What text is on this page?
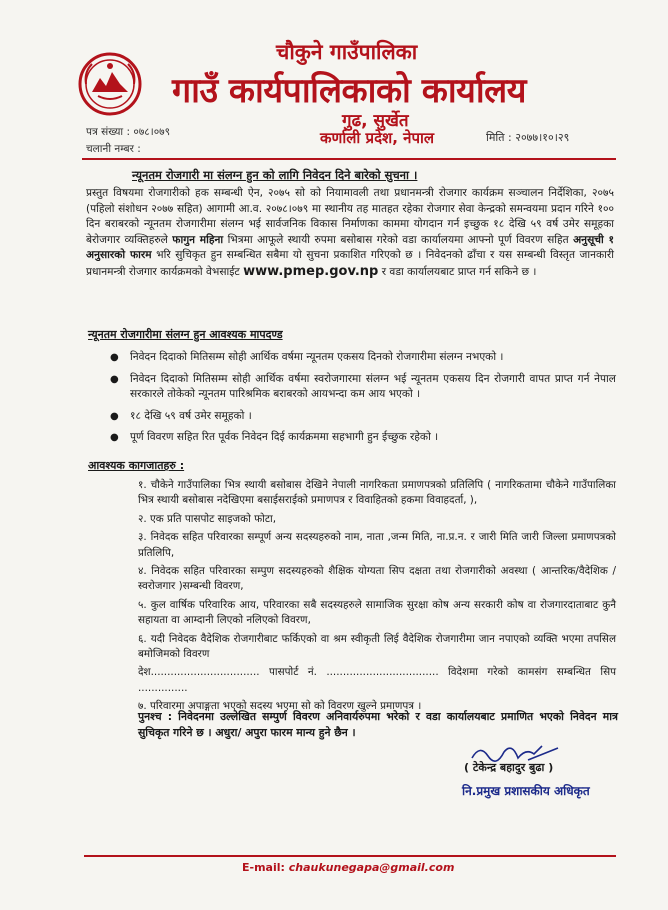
चौकुने गाउँपालिका
गाउँ कार्यपालिकाको कार्यालय
गुढ, सुर्खेत
कर्णाली प्रदेश, नेपाल
पत्र संख्या : ०७८।०७९
चलानी नम्बर :
मिति : २०७७।१०।२९
न्यूनतम रोजगारी मा संलग्न हुन को लागि निवेदन दिने बारेको सुचना ।
प्रस्तुत विषयमा रोजगारीको हक सम्बन्धी ऐन, २०७५ सो को नियामावली तथा प्रधानमन्त्री रोजगार कार्यक्रम सञ्चालन निर्देशिका, २०७५ (पहिलो संशोधन २०७७ सहित) आगामी आ.व. २०७८।०७९ मा स्थानीय तह मातहत रहेका रोजगार सेवा केन्द्रको समन्वयमा प्रदान गरिने १०० दिन बराबरको न्यूनतम रोजगारीमा संलग्न भई सार्वजनिक विकास निर्माणका काममा योगदान गर्न इच्छुक १८ देखि ५९ वर्ष उमेर समूहका बेरोजगार व्यक्तिहरुले फागुन महिना भित्रमा आफूले स्थायी रुपमा बसोबास गरेको वडा कार्यालयमा आफ्नो पूर्ण विवरण सहित अनुसूची १ अनुसारको फारम भरि सुचिकृत हुन सम्बन्धित सबैमा यो सुचना प्रकाशित गरिएको छ । निवेदनको ढाँचा र यस सम्बन्धी विस्तृत जानकारी प्रधानमन्त्री रोजगार कार्यक्रमको वेभसाईट www.pmep.gov.np र वडा कार्यालयबाट प्राप्त गर्न सकिने छ ।
न्यूनतम रोजगारीमा संलग्न हुन आवश्यक मापदण्ड
● निवेदन दिदाको मितिसम्म सोही आर्थिक वर्षमा न्यूनतम एकसय दिनको रोजगारीमा संलग्न नभएको ।
● निवेदन दिदाको मितिसम्म सोही आर्थिक वर्षमा स्वरोजगारमा संलग्न भई न्यूनतम एकसय दिन रोजगारी वापत प्राप्त गर्न नेपाल सरकारले तोकेको न्यूनतम पारिश्रमिक बराबरको आयभन्दा कम आय भएको ।
● १८ देखि ५९ वर्ष उमेर समूहको ।
● पूर्ण विवरण सहित रित पूर्वक निवेदन दिई कार्यक्रममा सहभागी हुन ईच्छुक रहेको ।
आवश्यक कागजातहरु :
१. चौकेने गाउँपालिका भित्र स्थायी बसोबास देखिने नेपाली नागरिकता प्रमाणपत्रको प्रतिलिपि ( नागरिकतामा चौकेने गाउँपालिका भित्र स्थायी बसोबास नदेखिएमा बसाईसराईको प्रमाणपत्र र विवाहितको हकमा विवाहदर्ता, ),
२. एक प्रति पासपोट साइजको फोटा,
३. निवेदक सहित परिवारका सम्पूर्ण अन्य सदस्यहरुको नाम, नाता ,जन्म मिति, ना.प्र.न. र जारी मिति जारी जिल्ला प्रमाणपत्रको प्रतिलिपि,
४. निवेदक सहित परिवारका सम्पुण सदस्यहरुको शैक्षिक योग्यता सिप दक्षता तथा रोजगारीको अवस्था ( आन्तरिक/वैदेशिक /स्वरोजगार )सम्बन्धी विवरण,
५. कुल वार्षिक परिवारिक आय, परिवारका सबै सदस्यहरुले सामाजिक सुरक्षा कोष अन्य सरकारी कोष वा रोजगारदाताबाट कुनै सहायता वा आम्दानी लिएको नलिएको विवरण,
६. यदी निवेदक वैदेशिक रोजगारीबाट फर्किएको वा श्रम स्वीकृती लिई वैदेशिक रोजगारीमा जान नपाएको व्यक्ति भएमा तपसिल बमोजिमको विवरण
देश................................. पासपोर्ट नं. .................................. विदेशमा गरेको कामसंग सम्बन्धित सिप ...............
७. परिवारमा अपाङ्गता भएको सदस्य भएमा सो को विवरण खुल्ने प्रमाणपत्र ।
पुनश्च : निवेदनमा उल्लेखित सम्पुर्ण विवरण अनिवार्यरुपमा भरेको र वडा कार्यालयबाट प्रमाणित भएको निवेदन मात्र सुचिकृत गरिने छ । अधुरा/ अपुरा फारम मान्य हुने छैन ।
( टेकेन्द्र बहादुर बुढा )
नि.प्रमुख प्रशासकीय अधिकृत
E-mail: chaukunegapa@gmail.com
